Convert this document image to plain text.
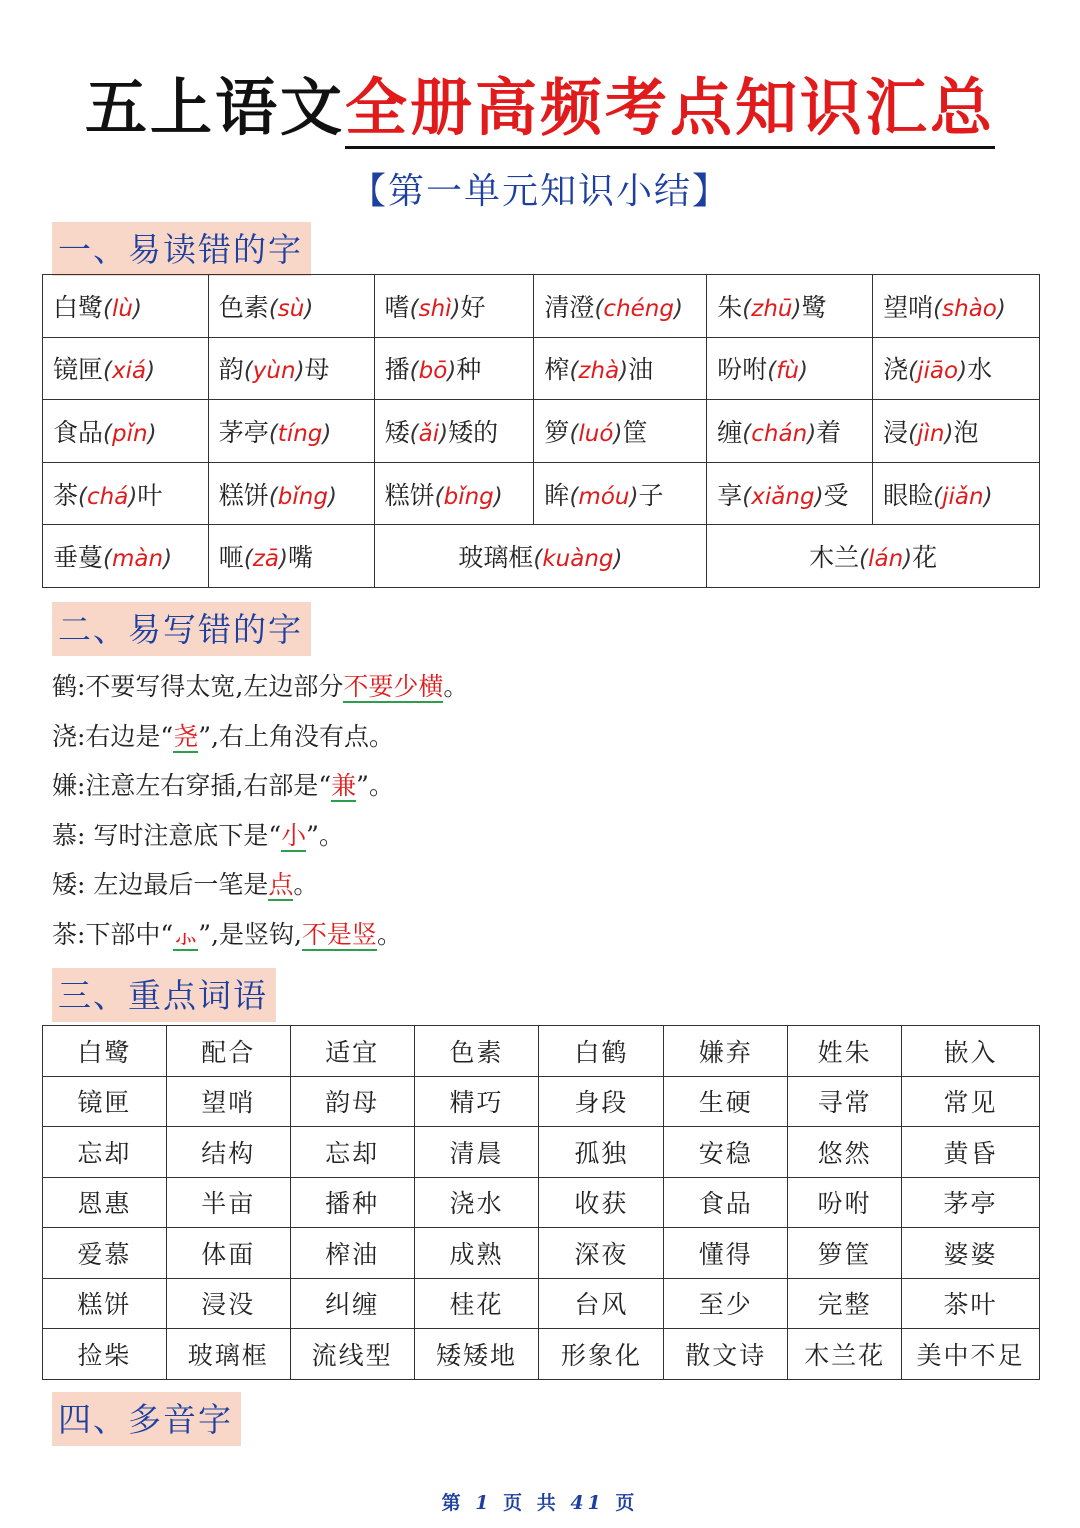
五上语文全册高频考点知识汇总
【第一单元知识小结】
一、易读错的字
白鹭(lù)	色素(sù)	嗜(shì)好	清澄(chéng)	朱(zhū)鹭	望哨(shào)
镜匣(xiá)	韵(yùn)母	播(bō)种	榨(zhà)油	吩咐(fù)	浇(jiāo)水
食品(pǐn)	茅亭(tíng)	矮(ǎi)矮的	箩(luó)筐	缠(chán)着	浸(jìn)泡
茶(chá)叶	糕饼(bǐng)	糕饼(bǐng)	眸(móu)子	享(xiǎng)受	眼睑(jiǎn)
垂蔓(màn)	咂(zā)嘴	玻璃框(kuàng)		木兰(lán)花	
二、易写错的字
鹤:不要写得太宽,左边部分不要少横。
浇:右边是“尧”,右上角没有点。
嫌:注意左右穿插,右部是“兼”。
慕: 写时注意底下是“小”。
矮: 左边最后一笔是点。
茶:下部中“⺗”,是竖钩,不是竖。
三、重点词语
白鹭	配合	适宜	色素	白鹤	嫌弃	姓朱	嵌入
镜匣	望哨	韵母	精巧	身段	生硬	寻常	常见
忘却	结构	忘却	清晨	孤独	安稳	悠然	黄昏
恩惠	半亩	播种	浇水	收获	食品	吩咐	茅亭
爱慕	体面	榨油	成熟	深夜	懂得	箩筐	婆婆
糕饼	浸没	纠缠	桂花	台风	至少	完整	茶叶
捡柴	玻璃框	流线型	矮矮地	形象化	散文诗	木兰花	美中不足
四、多音字
第 1 页 共 41 页
